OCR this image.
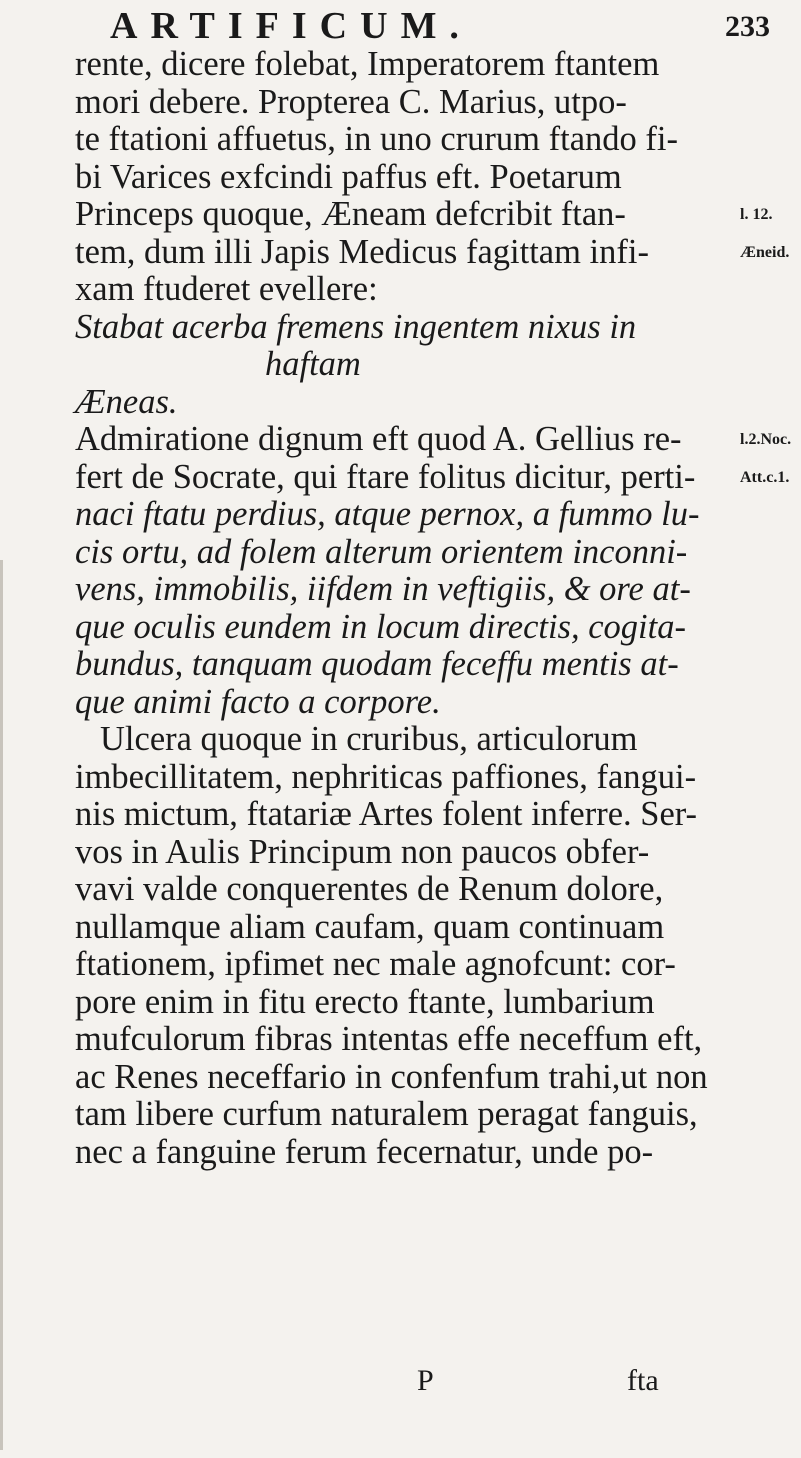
ARTIFICUM.	233
rente, dicere folebat, Imperatorem ftantem
mori debere. Propterea C. Marius, utpo-
te ftationi affuetus, in uno crurum ftando fi-
bi Varices exfcindi paffus eft. Poetarum
Princeps quoque, Æneam defcribit ftan-
tem, dum illi Japis Medicus fagittam infi-
xam ftuderet evellere:
Stabat acerba fremens ingentem nixus in
haftam
Æneas.
Admiratione dignum eft quod A. Gellius re-
fert de Socrate, qui ftare folitus dicitur, perti-
naci ftatu perdius, atque pernox, a fummo lu-
cis ortu, ad folem alterum orientem inconni-
vens, immobilis, iifdem in veftigiis, & ore at-
que oculis eundem in locum directis, cogita-
bundus, tanquam quodam feceffu mentis at-
que animi facto a corpore.
Ulcera quoque in cruribus, articulorum
imbecillitatem, nephriticas paffiones, fangui-
nis mictum, ftatariæ Artes folent inferre. Ser-
vos in Aulis Principum non paucos obfer-
vavi valde conquerentes de Renum dolore,
nullamque aliam caufam, quam continuam
ftationem, ipfimet nec male agnofcunt: cor-
pore enim in fitu erecto ftante, lumbarium
mufculorum fibras intentas effe neceffum eft,
ac Renes neceffario in confenfum trahi,ut non
tam libere curfum naturalem peragat fanguis,
nec a fanguine ferum fecernatur, unde po-
l. 12.
Æneid.
l.2.Noc.
Att.c.1.
P	fta
